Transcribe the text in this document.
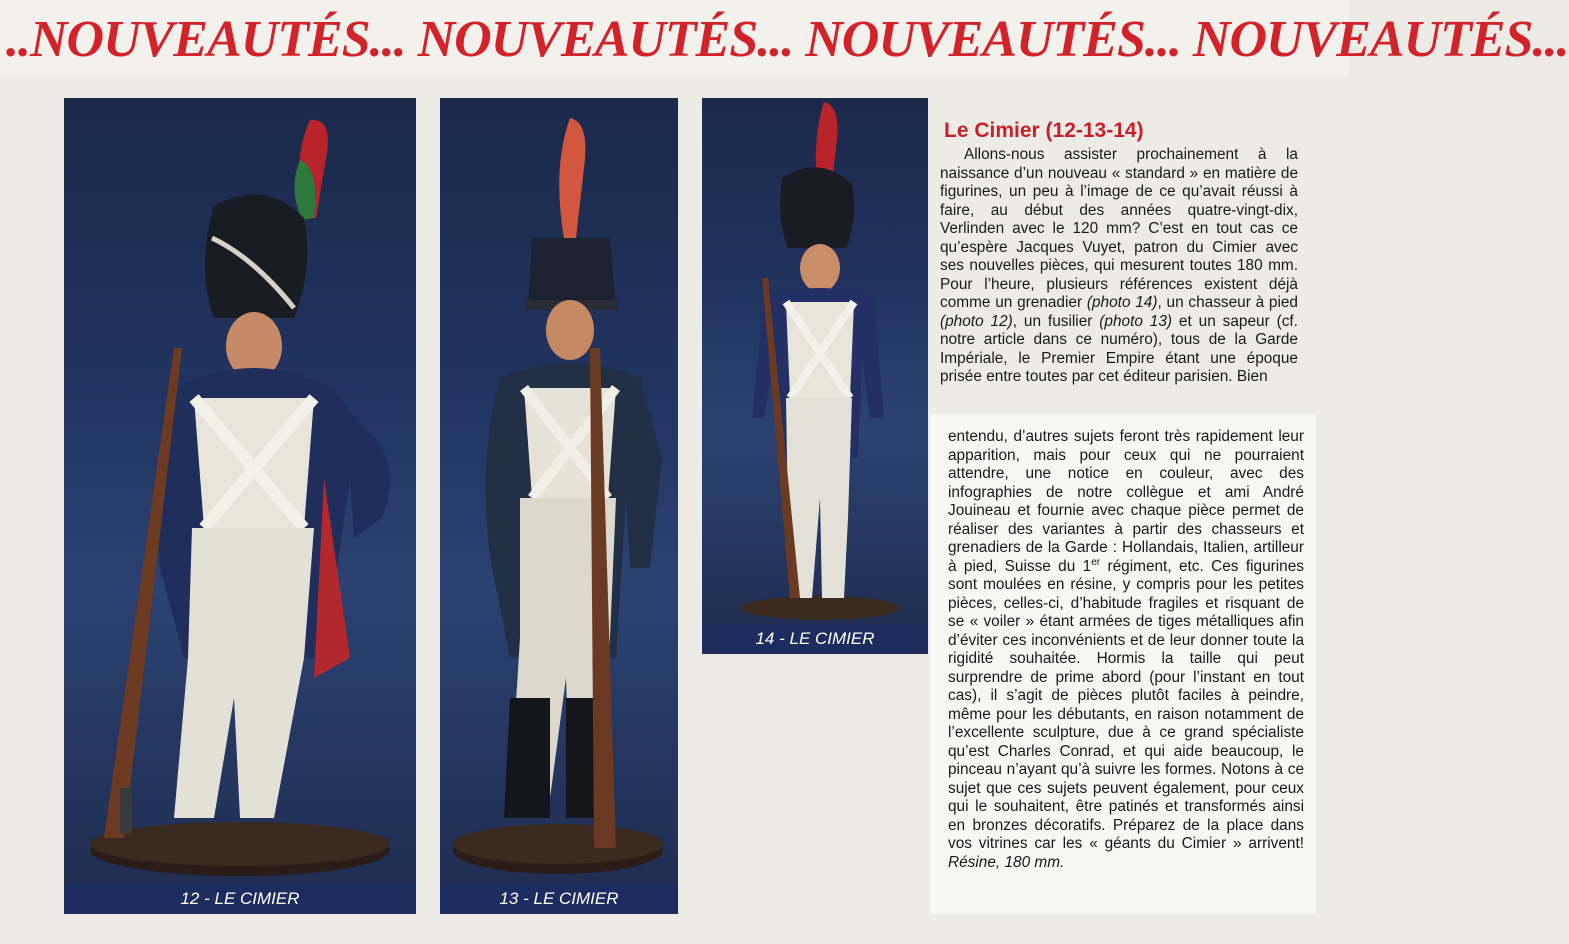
..NOUVEAUTÉS... NOUVEAUTÉS... NOUVEAUTÉS... NOUVEAUTÉS...
12 - LE CIMIER	13 - LE CIMIER
14 - LE CIMIER
Le Cimier (12-13-14)

Allons-nous assister prochainement à la naissance d’un nouveau « standard » en matière de figurines, un peu à l’image de ce qu’avait réussi à faire, au début des années quatre-vingt-dix, Verlinden avec le 120 mm? C’est en tout cas ce qu’espère Jacques Vuyet, patron du Cimier avec ses nouvelles pièces, qui mesurent toutes 180 mm. Pour l’heure, plusieurs références existent déjà comme un grenadier (photo 14), un chasseur à pied (photo 12), un fusilier (photo 13) et un sapeur (cf. notre article dans ce numéro), tous de la Garde Impériale, le Premier Empire étant une époque prisée entre toutes par cet éditeur parisien. Bien

entendu, d’autres sujets feront très rapidement leur apparition, mais pour ceux qui ne pourraient attendre, une notice en couleur, avec des infographies de notre collègue et ami André Jouineau et fournie avec chaque pièce permet de réaliser des variantes à partir des chasseurs et grenadiers de la Garde : Hollandais, Italien, artilleur à pied, Suisse du 1er régiment, etc. Ces figurines sont moulées en résine, y compris pour les petites pièces, celles-ci, d’habitude fragiles et risquant de se « voiler » étant armées de tiges métalliques afin d’éviter ces inconvénients et de leur donner toute la rigidité souhaitée. Hormis la taille qui peut surprendre de prime abord (pour l’instant en tout cas), il s’agit de pièces plutôt faciles à peindre, même pour les débutants, en raison notamment de l’excellente sculpture, due à ce grand spécialiste qu’est Charles Conrad, et qui aide beaucoup, le pinceau n’ayant qu’à suivre les formes. Notons à ce sujet que ces sujets peuvent également, pour ceux qui le souhaitent, être patinés et transformés ainsi en bronzes décoratifs. Préparez de la place dans vos vitrines car les « géants du Cimier » arrivent! Résine, 180 mm.
